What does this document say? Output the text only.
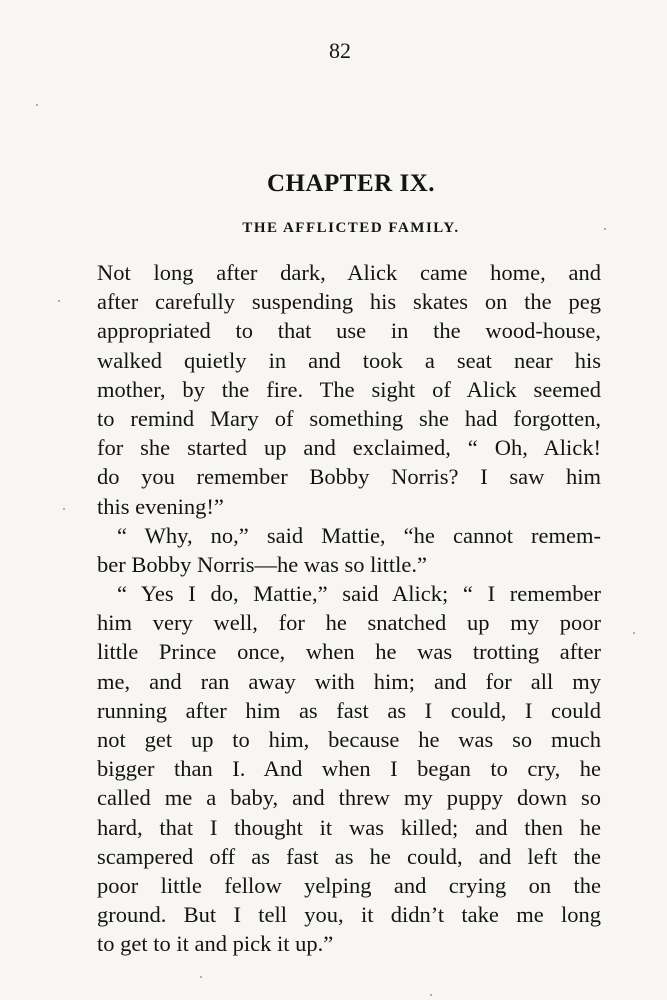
82
CHAPTER IX.
THE AFFLICTED FAMILY.
Not long after dark, Alick came home, and
after carefully suspending his skates on the peg
appropriated to that use in the wood-house,
walked quietly in and took a seat near his
mother, by the fire. The sight of Alick seemed
to remind Mary of something she had forgotten,
for she started up and exclaimed, “ Oh, Alick!
do you remember Bobby Norris? I saw him
this evening!”
“ Why, no,” said Mattie, “he cannot remem-
ber Bobby Norris—he was so little.”
“ Yes I do, Mattie,” said Alick; “ I remember
him very well, for he snatched up my poor
little Prince once, when he was trotting after
me, and ran away with him; and for all my
running after him as fast as I could, I could
not get up to him, because he was so much
bigger than I. And when I began to cry, he
called me a baby, and threw my puppy down so
hard, that I thought it was killed; and then he
scampered off as fast as he could, and left the
poor little fellow yelping and crying on the
ground. But I tell you, it didn’t take me long
to get to it and pick it up.”
